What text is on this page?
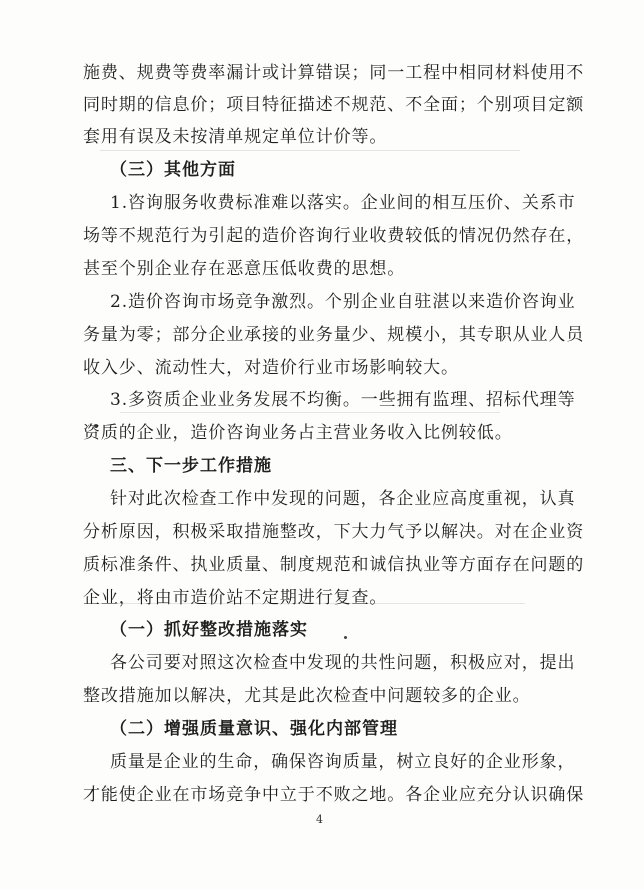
施费、规费等费率漏计或计算错误；同一工程中相同材料使用不
同时期的信息价；项目特征描述不规范、不全面；个别项目定额
套用有误及未按清单规定单位计价等。
（三）其他方面
1.咨询服务收费标准难以落实。企业间的相互压价、关系市
场等不规范行为引起的造价咨询行业收费较低的情况仍然存在，
甚至个别企业存在恶意压低收费的思想。
2.造价咨询市场竞争激烈。个别企业自驻湛以来造价咨询业
务量为零；部分企业承接的业务量少、规模小，其专职从业人员
收入少、流动性大，对造价行业市场影响较大。
3.多资质企业业务发展不均衡。一些拥有监理、招标代理等
资质的企业，造价咨询业务占主营业务收入比例较低。
三、下一步工作措施
针对此次检查工作中发现的问题，各企业应高度重视，认真
分析原因，积极采取措施整改，下大力气予以解决。对在企业资
质标准条件、执业质量、制度规范和诚信执业等方面存在问题的
企业，将由市造价站不定期进行复查。
（一）抓好整改措施落实
各公司要对照这次检查中发现的共性问题，积极应对，提出
整改措施加以解决，尤其是此次检查中问题较多的企业。
（二）增强质量意识、强化内部管理
质量是企业的生命，确保咨询质量，树立良好的企业形象，
才能使企业在市场竞争中立于不败之地。各企业应充分认识确保
4
